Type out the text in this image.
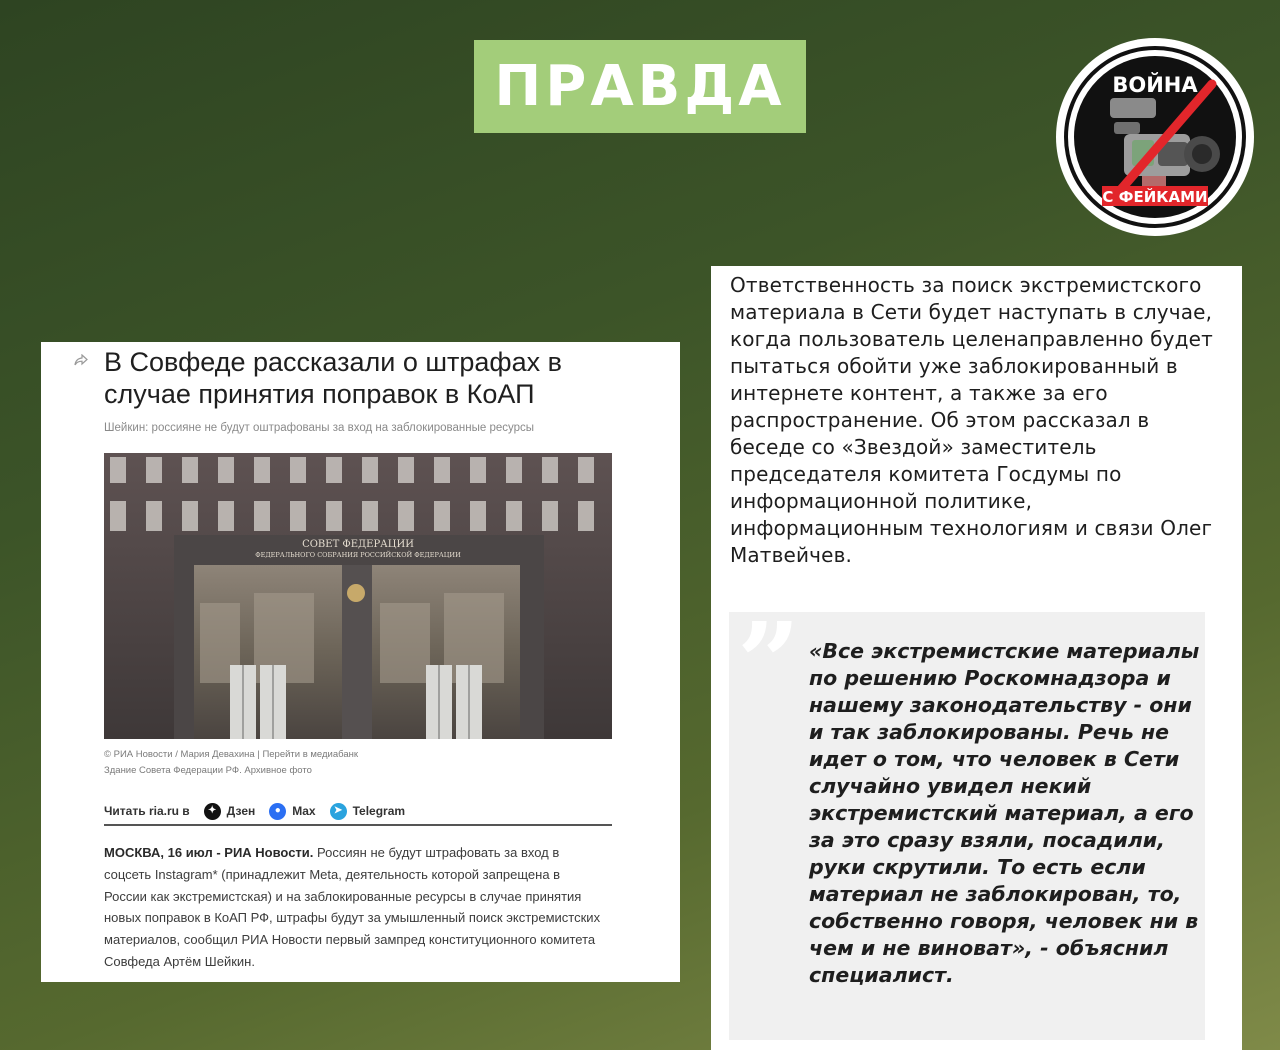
ПРАВДА	ВОЙНА
С ФЕЙКАМИ
В Совфеде рассказали о штрафах в случае принятия поправок в КоАП
Шейкин: россияне не будут оштрафованы за вход на заблокированные ресурсы
СОВЕТ ФЕДЕРАЦИИ
ФЕДЕРАЛЬНОГО СОБРАНИЯ РОССИЙСКОЙ ФЕДЕРАЦИИ

© РИА Новости / Мария Девахина | Перейти в медиабанк

Здание Совета Федерации РФ. Архивное фото

Читать ria.ru в	✦ Дзен	● Max	➤ Telegram
МОСКВА, 16 июл - РИА Новости. Россиян не будут штрафовать за вход в соцсеть Instagram* (принадлежит Meta, деятельность которой запрещена в России как экстремистская) и на заблокированные ресурсы в случае принятия новых поправок в КоАП РФ, штрафы будут за умышленный поиск экстремистских материалов, сообщил РИА Новости первый зампред конституционного комитета Совфеда Артём Шейкин.
Ответственность за поиск экстремистского материала в Сети будет наступать в случае, когда пользователь целенаправленно будет пытаться обойти уже заблокированный в интернете контент, а также за его распространение. Об этом рассказал в беседе со «Звездой» заместитель председателя комитета Госдумы по информационной политике, информационным технологиям и связи Олег Матвейчев.
” «Все экстремистские материалы по решению Роскомнадзора и нашему законодательству - они и так заблокированы. Речь не идет о том, что человек в Сети случайно увидел некий экстремистский материал, а его за это сразу взяли, посадили, руки скрутили. То есть если материал не заблокирован, то, собственно говоря, человек ни в чем и не виноват», - объяснил специалист.
